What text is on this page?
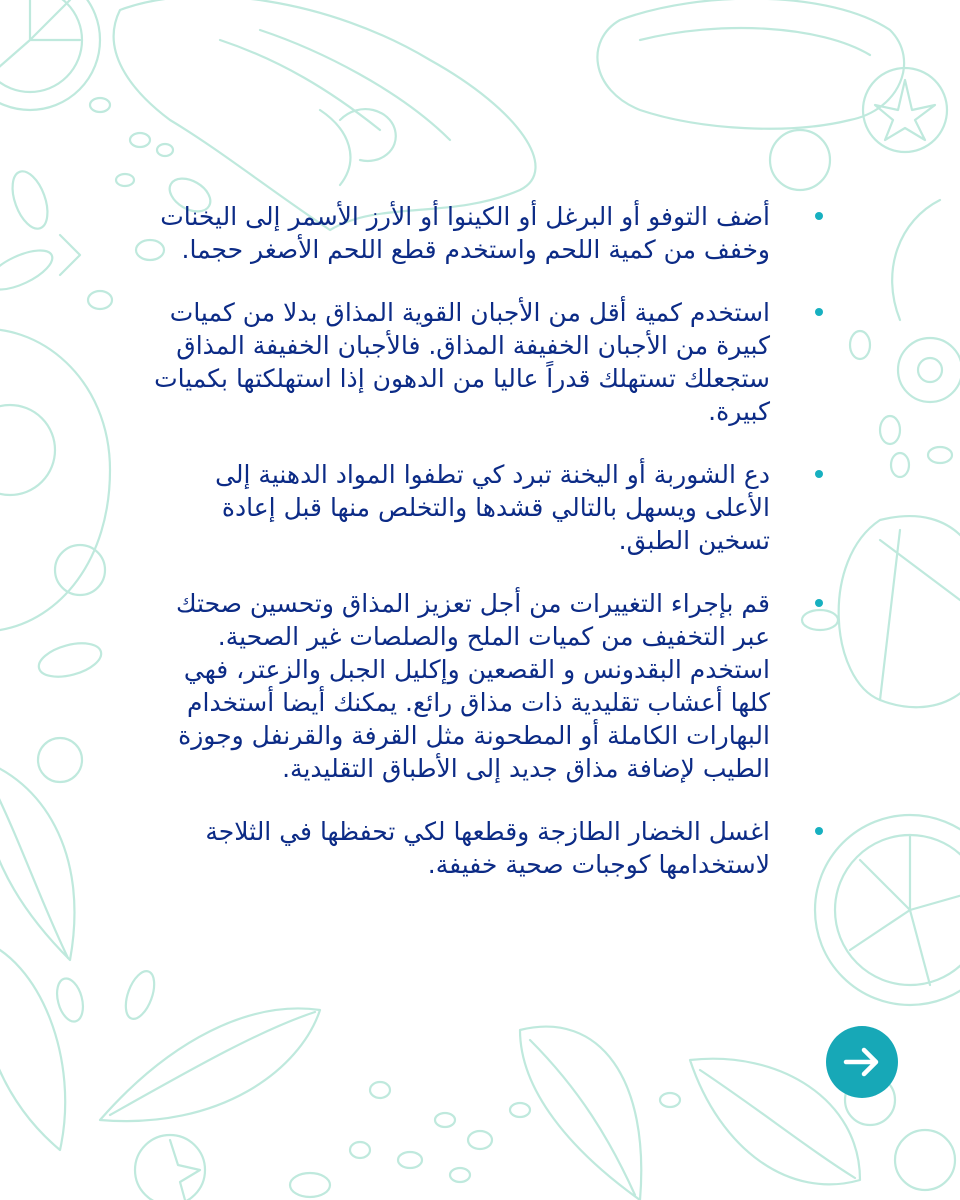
أضف التوفو أو البرغل أو الكينوا أو الأرز الأسمر إلى اليخنات وخفف من كمية اللحم واستخدم قطع اللحم الأصغر حجما.
استخدم كمية أقل من الأجبان القوية المذاق بدلا من كميات كبيرة من الأجبان الخفيفة المذاق. فالأجبان الخفيفة المذاق ستجعلك تستهلك قدراً عاليا من الدهون إذا استهلكتها بكميات كبيرة.
دع الشوربة أو اليخنة تبرد كي تطفوا المواد الدهنية إلى الأعلى ويسهل بالتالي قشدها والتخلص منها قبل إعادة تسخين الطبق.
قم بإجراء التغييرات من أجل تعزيز المذاق وتحسين صحتك عبر التخفيف من كميات الملح والصلصات غير الصحية. استخدم البقدونس و القصعين وإكليل الجبل والزعتر، فهي كلها أعشاب تقليدية ذات مذاق رائع. يمكنك أيضا أستخدام البهارات الكاملة أو المطحونة مثل القرفة والقرنفل وجوزة الطيب لإضافة مذاق جديد إلى الأطباق التقليدية.
اغسل الخضار الطازجة وقطعها لكي تحفظها في الثلاجة لاستخدامها كوجبات صحية خفيفة.
